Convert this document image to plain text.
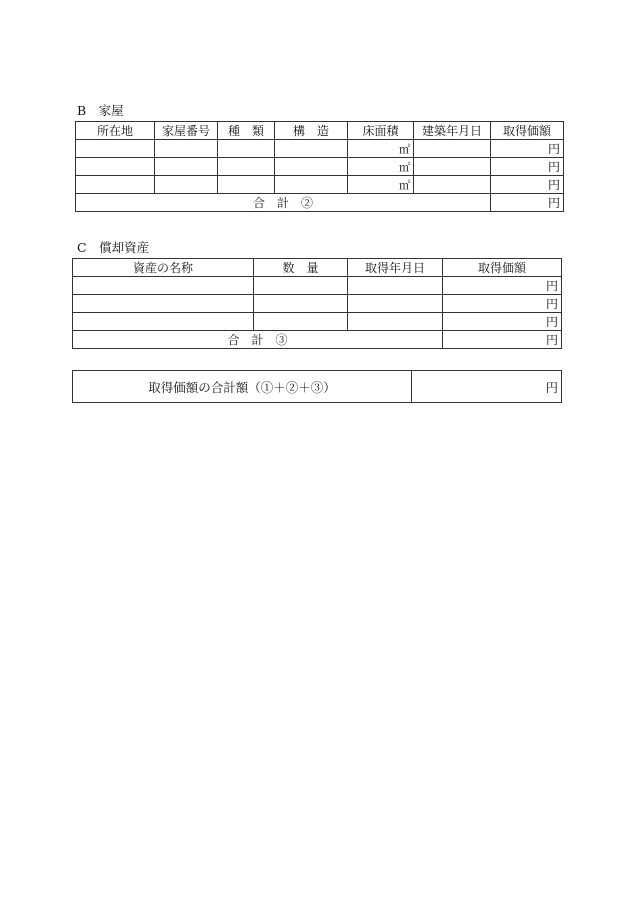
B　家屋
所在地	家屋番号	種　類	構　造	床面積	建築年月日	取得価額
				㎡		円
				㎡		円
				㎡		円
合　計　②						円
C　償却資産
資産の名称	数　量	取得年月日	取得価額
			円
			円
			円
合　計　③			円
取得価額の合計額（①＋②＋③）	円
